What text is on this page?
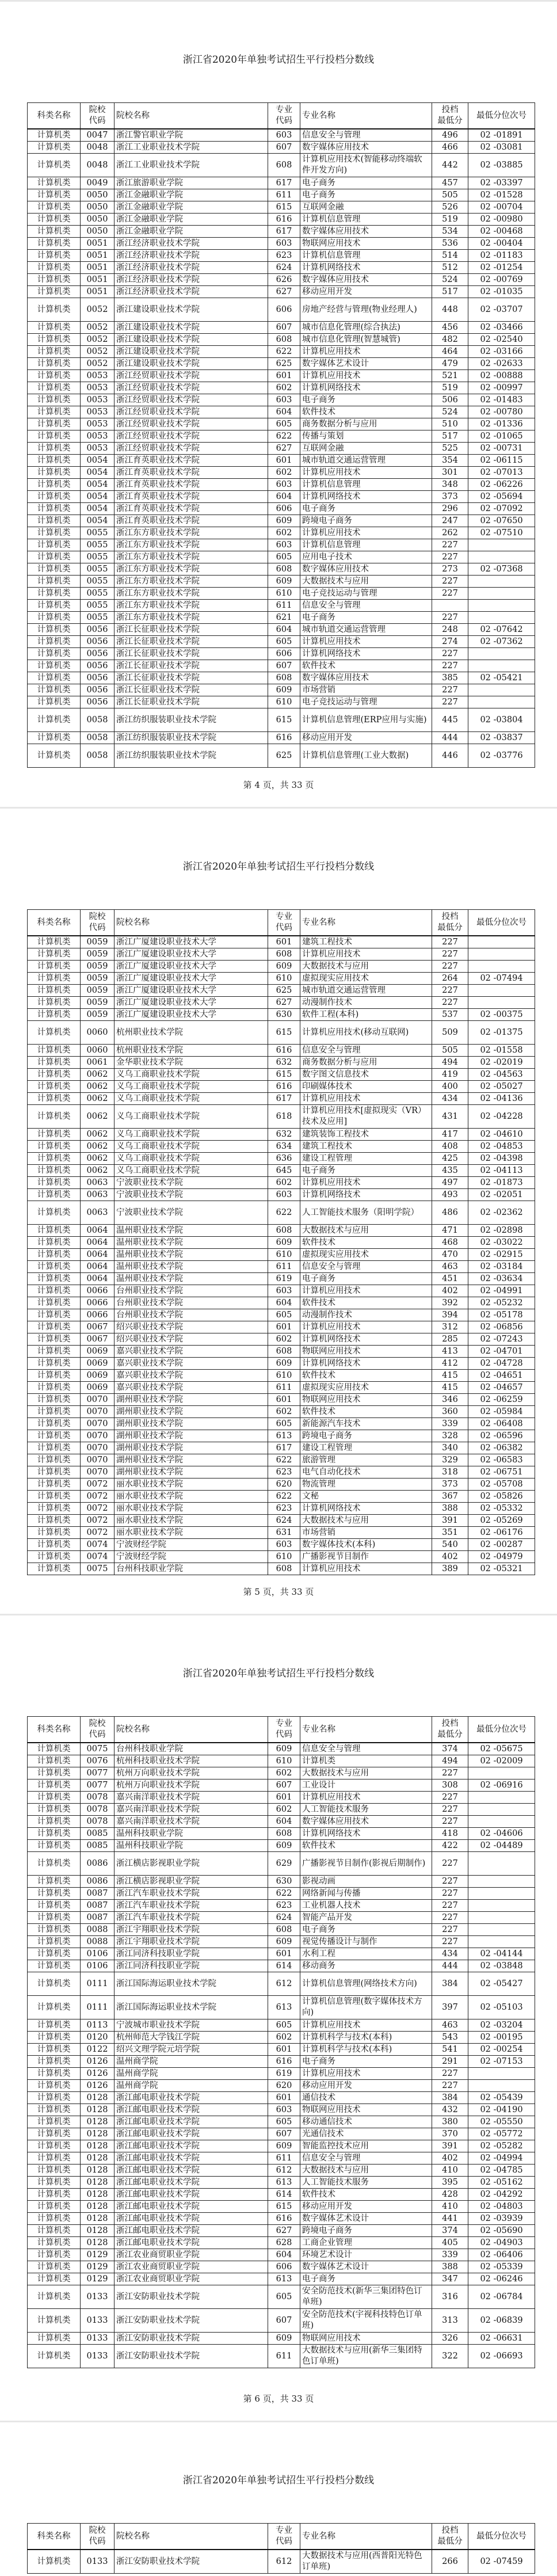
浙江省2020年单独考试招生平行投档分数线
科类名称	院校
代码	院校名称	专业
代码	专业名称	投档
最低分	最低分位次号
计算机类	0047	浙江警官职业学院	603	信息安全与管理	496	02 -01891
计算机类	0048	浙江工业职业技术学院	607	数字媒体应用技术	466	02 -03081
计算机类	0048	浙江工业职业技术学院	608	计算机应用技术(智能移动终端软件开发方向)	442	02 -03885
计算机类	0049	浙江旅游职业学院	617	电子商务	457	02 -03397
计算机类	0050	浙江金融职业学院	611	电子商务	505	02 -01528
计算机类	0050	浙江金融职业学院	615	互联网金融	526	02 -00704
计算机类	0050	浙江金融职业学院	616	计算机信息管理	519	02 -00980
计算机类	0050	浙江金融职业学院	617	数字媒体应用技术	534	02 -00468
计算机类	0051	浙江经济职业技术学院	603	物联网应用技术	536	02 -00404
计算机类	0051	浙江经济职业技术学院	623	计算机信息管理	514	02 -01183
计算机类	0051	浙江经济职业技术学院	624	计算机网络技术	512	02 -01254
计算机类	0051	浙江经济职业技术学院	626	数字媒体应用技术	524	02 -00769
计算机类	0051	浙江经济职业技术学院	627	移动应用开发	517	02 -01035
计算机类	0052	浙江建设职业技术学院	606	房地产经营与管理(物业经理人)	448	02 -03707
计算机类	0052	浙江建设职业技术学院	607	城市信息化管理(综合执法)	456	02 -03466
计算机类	0052	浙江建设职业技术学院	608	城市信息化管理(智慧城管)	482	02 -02540
计算机类	0052	浙江建设职业技术学院	622	计算机应用技术	464	02 -03166
计算机类	0052	浙江建设职业技术学院	625	数字媒体艺术设计	479	02 -02633
计算机类	0053	浙江经贸职业技术学院	601	计算机应用技术	521	02 -00888
计算机类	0053	浙江经贸职业技术学院	602	计算机网络技术	519	02 -00997
计算机类	0053	浙江经贸职业技术学院	603	电子商务	506	02 -01483
计算机类	0053	浙江经贸职业技术学院	604	软件技术	524	02 -00780
计算机类	0053	浙江经贸职业技术学院	605	商务数据分析与应用	510	02 -01336
计算机类	0053	浙江经贸职业技术学院	622	传播与策划	517	02 -01065
计算机类	0053	浙江经贸职业技术学院	627	互联网金融	525	02 -00731
计算机类	0054	浙江育英职业技术学院	601	城市轨道交通运营管理	354	02 -06115
计算机类	0054	浙江育英职业技术学院	602	计算机应用技术	301	02 -07013
计算机类	0054	浙江育英职业技术学院	603	计算机信息管理	348	02 -06226
计算机类	0054	浙江育英职业技术学院	604	计算机网络技术	373	02 -05694
计算机类	0054	浙江育英职业技术学院	606	电子商务	296	02 -07092
计算机类	0054	浙江育英职业技术学院	609	跨境电子商务	247	02 -07650
计算机类	0055	浙江东方职业技术学院	602	计算机应用技术	262	02 -07510
计算机类	0055	浙江东方职业技术学院	603	计算机信息管理	227	
计算机类	0055	浙江东方职业技术学院	605	应用电子技术	227	
计算机类	0055	浙江东方职业技术学院	608	数字媒体应用技术	273	02 -07368
计算机类	0055	浙江东方职业技术学院	609	大数据技术与应用	227	
计算机类	0055	浙江东方职业技术学院	610	电子竞技运动与管理	227	
计算机类	0055	浙江东方职业技术学院	611	信息安全与管理		
计算机类	0055	浙江东方职业技术学院	621	电子商务	227	
计算机类	0056	浙江长征职业技术学院	604	城市轨道交通运营管理	248	02 -07642
计算机类	0056	浙江长征职业技术学院	605	计算机应用技术	274	02 -07362
计算机类	0056	浙江长征职业技术学院	606	计算机网络技术	227	
计算机类	0056	浙江长征职业技术学院	607	软件技术	227	
计算机类	0056	浙江长征职业技术学院	608	数字媒体应用技术	385	02 -05421
计算机类	0056	浙江长征职业技术学院	609	市场营销	227	
计算机类	0056	浙江长征职业技术学院	610	电子竞技运动与管理	227	
计算机类	0058	浙江纺织服装职业技术学院	615	计算机信息管理(ERP应用与实施)	445	02 -03804
计算机类	0058	浙江纺织服装职业技术学院	616	移动应用开发	444	02 -03837
计算机类	0058	浙江纺织服装职业技术学院	625	计算机信息管理(工业大数据)	446	02 -03776
第 4 页，共 33 页
浙江省2020年单独考试招生平行投档分数线
科类名称	院校
代码	院校名称	专业
代码	专业名称	投档
最低分	最低分位次号
计算机类	0059	浙江广厦建设职业技术大学	601	建筑工程技术	227	
计算机类	0059	浙江广厦建设职业技术大学	608	计算机应用技术	227	
计算机类	0059	浙江广厦建设职业技术大学	609	大数据技术与应用	227	
计算机类	0059	浙江广厦建设职业技术大学	610	虚拟现实应用技术	264	02 -07494
计算机类	0059	浙江广厦建设职业技术大学	625	城市轨道交通运营管理	227	
计算机类	0059	浙江广厦建设职业技术大学	627	动漫制作技术	227	
计算机类	0059	浙江广厦建设职业技术大学	630	软件工程(本科)	537	02 -00375
计算机类	0060	杭州职业技术学院	615	计算机应用技术(移动互联网)	509	02 -01375
计算机类	0060	杭州职业技术学院	616	信息安全与管理	505	02 -01558
计算机类	0061	金华职业技术学院	632	商务数据分析与应用	494	02 -02019
计算机类	0062	义乌工商职业技术学院	615	数字图文信息技术	419	02 -04563
计算机类	0062	义乌工商职业技术学院	616	印刷媒体技术	400	02 -05027
计算机类	0062	义乌工商职业技术学院	617	计算机应用技术	434	02 -04136
计算机类	0062	义乌工商职业技术学院	618	计算机应用技术[虚拟现实（VR）技术及应用]	431	02 -04228
计算机类	0062	义乌工商职业技术学院	632	建筑装饰工程技术	417	02 -04610
计算机类	0062	义乌工商职业技术学院	634	建筑工程技术	408	02 -04853
计算机类	0062	义乌工商职业技术学院	636	建设工程管理	425	02 -04398
计算机类	0062	义乌工商职业技术学院	645	电子商务	435	02 -04113
计算机类	0063	宁波职业技术学院	602	计算机应用技术	497	02 -01873
计算机类	0063	宁波职业技术学院	603	计算机网络技术	493	02 -02051
计算机类	0063	宁波职业技术学院	622	人工智能技术服务（阳明学院）	486	02 -02362
计算机类	0064	温州职业技术学院	608	大数据技术与应用	471	02 -02898
计算机类	0064	温州职业技术学院	609	软件技术	468	02 -03022
计算机类	0064	温州职业技术学院	610	虚拟现实应用技术	470	02 -02915
计算机类	0064	温州职业技术学院	611	信息安全与管理	463	02 -03184
计算机类	0064	温州职业技术学院	619	电子商务	451	02 -03634
计算机类	0066	台州职业技术学院	603	计算机应用技术	402	02 -04991
计算机类	0066	台州职业技术学院	604	软件技术	392	02 -05232
计算机类	0066	台州职业技术学院	605	动漫制作技术	394	02 -05178
计算机类	0067	绍兴职业技术学院	601	计算机应用技术	312	02 -06856
计算机类	0067	绍兴职业技术学院	602	计算机网络技术	285	02 -07243
计算机类	0069	嘉兴职业技术学院	608	物联网应用技术	413	02 -04701
计算机类	0069	嘉兴职业技术学院	609	计算机网络技术	412	02 -04728
计算机类	0069	嘉兴职业技术学院	610	软件技术	415	02 -04651
计算机类	0069	嘉兴职业技术学院	611	虚拟现实应用技术	415	02 -04657
计算机类	0070	湖州职业技术学院	601	物联网应用技术	346	02 -06259
计算机类	0070	湖州职业技术学院	602	软件技术	360	02 -05984
计算机类	0070	湖州职业技术学院	605	新能源汽车技术	339	02 -06408
计算机类	0070	湖州职业技术学院	613	跨境电子商务	328	02 -06596
计算机类	0070	湖州职业技术学院	617	建设工程管理	340	02 -06382
计算机类	0070	湖州职业技术学院	622	旅游管理	329	02 -06583
计算机类	0070	湖州职业技术学院	623	电气自动化技术	318	02 -06751
计算机类	0072	丽水职业技术学院	620	物流管理	373	02 -05708
计算机类	0072	丽水职业技术学院	622	文秘	367	02 -05826
计算机类	0072	丽水职业技术学院	623	计算机网络技术	388	02 -05332
计算机类	0072	丽水职业技术学院	624	大数据技术与应用	391	02 -05269
计算机类	0072	丽水职业技术学院	631	市场营销	351	02 -06176
计算机类	0074	宁波财经学院	603	数字媒体技术(本科)	540	02 -00287
计算机类	0074	宁波财经学院	610	广播影视节目制作	402	02 -04979
计算机类	0075	台州科技职业学院	608	计算机应用技术	389	02 -05321
第 5 页，共 33 页
浙江省2020年单独考试招生平行投档分数线
科类名称	院校
代码	院校名称	专业
代码	专业名称	投档
最低分	最低分位次号
计算机类	0075	台州科技职业学院	609	信息安全与管理	374	02 -05675
计算机类	0076	杭州科技职业技术学院	610	计算机类	494	02 -02009
计算机类	0077	杭州万向职业技术学院	602	大数据技术与应用	227	
计算机类	0077	杭州万向职业技术学院	607	工业设计	308	02 -06916
计算机类	0078	嘉兴南洋职业技术学院	601	计算机应用技术	227	
计算机类	0078	嘉兴南洋职业技术学院	602	人工智能技术服务	227	
计算机类	0078	嘉兴南洋职业技术学院	604	数字媒体应用技术	227	
计算机类	0085	温州科技职业学院	608	计算机网络技术	418	02 -04606
计算机类	0085	温州科技职业学院	609	软件技术	422	02 -04489
计算机类	0086	浙江横店影视职业学院	629	广播影视节目制作(影视后期制作)	227	
计算机类	0086	浙江横店影视职业学院	630	影视动画	227	
计算机类	0087	浙江汽车职业技术学院	622	网络新闻与传播	227	
计算机类	0087	浙江汽车职业技术学院	623	工业机器人技术	227	
计算机类	0087	浙江汽车职业技术学院	624	智能产品开发	227	
计算机类	0088	浙江宇翔职业技术学院	608	电子商务	227	
计算机类	0088	浙江宇翔职业技术学院	609	视觉传播设计与制作	227	
计算机类	0106	浙江同济科技职业学院	601	水利工程	434	02 -04144
计算机类	0106	浙江同济科技职业学院	614	移动商务	444	02 -03848
计算机类	0111	浙江国际海运职业技术学院	612	计算机信息管理(网络技术方向)	384	02 -05427
计算机类	0111	浙江国际海运职业技术学院	613	计算机信息管理(数字媒体技术方向)	397	02 -05103
计算机类	0113	宁波城市职业技术学院	605	计算机应用技术	463	02 -03204
计算机类	0120	杭州师范大学钱江学院	602	计算机科学与技术(本科)	543	02 -00195
计算机类	0122	绍兴文理学院元培学院	601	计算机科学与技术(本科)	541	02 -00254
计算机类	0126	温州商学院	616	电子商务	291	02 -07153
计算机类	0126	温州商学院	619	计算机应用技术	227	
计算机类	0126	温州商学院	620	移动应用开发	227	
计算机类	0128	浙江邮电职业技术学院	601	通信技术	384	02 -05439
计算机类	0128	浙江邮电职业技术学院	603	物联网应用技术	432	02 -04190
计算机类	0128	浙江邮电职业技术学院	605	移动通信技术	380	02 -05550
计算机类	0128	浙江邮电职业技术学院	607	光通信技术	370	02 -05772
计算机类	0128	浙江邮电职业技术学院	609	智能监控技术应用	391	02 -05282
计算机类	0128	浙江邮电职业技术学院	611	信息安全与管理	402	02 -04994
计算机类	0128	浙江邮电职业技术学院	612	大数据技术与应用	410	02 -04785
计算机类	0128	浙江邮电职业技术学院	613	人工智能技术服务	395	02 -05162
计算机类	0128	浙江邮电职业技术学院	614	软件技术	428	02 -04292
计算机类	0128	浙江邮电职业技术学院	615	移动应用开发	410	02 -04803
计算机类	0128	浙江邮电职业技术学院	616	数字媒体艺术设计	441	02 -03939
计算机类	0128	浙江邮电职业技术学院	627	跨境电子商务	374	02 -05690
计算机类	0128	浙江邮电职业技术学院	628	工商企业管理	405	02 -04903
计算机类	0129	浙江农业商贸职业学院	604	环境艺术设计	339	02 -06406
计算机类	0129	浙江农业商贸职业学院	606	数字媒体艺术设计	388	02 -05339
计算机类	0129	浙江农业商贸职业学院	613	电子商务	347	02 -06246
计算机类	0133	浙江安防职业技术学院	605	安全防范技术(新华三集团特色订单班)	316	02 -06784
计算机类	0133	浙江安防职业技术学院	607	安全防范技术(宇视科技特色订单班)	313	02 -06839
计算机类	0133	浙江安防职业技术学院	609	物联网应用技术	326	02 -06631
计算机类	0133	浙江安防职业技术学院	611	大数据技术与应用(新华三集团特色订单班)	322	02 -06693
第 6 页，共 33 页
浙江省2020年单独考试招生平行投档分数线
科类名称	院校
代码	院校名称	专业
代码	专业名称	投档
最低分	最低分位次号
计算机类	0133	浙江安防职业技术学院	612	大数据技术与应用(西普阳光特色订单班)	266	02 -07459
